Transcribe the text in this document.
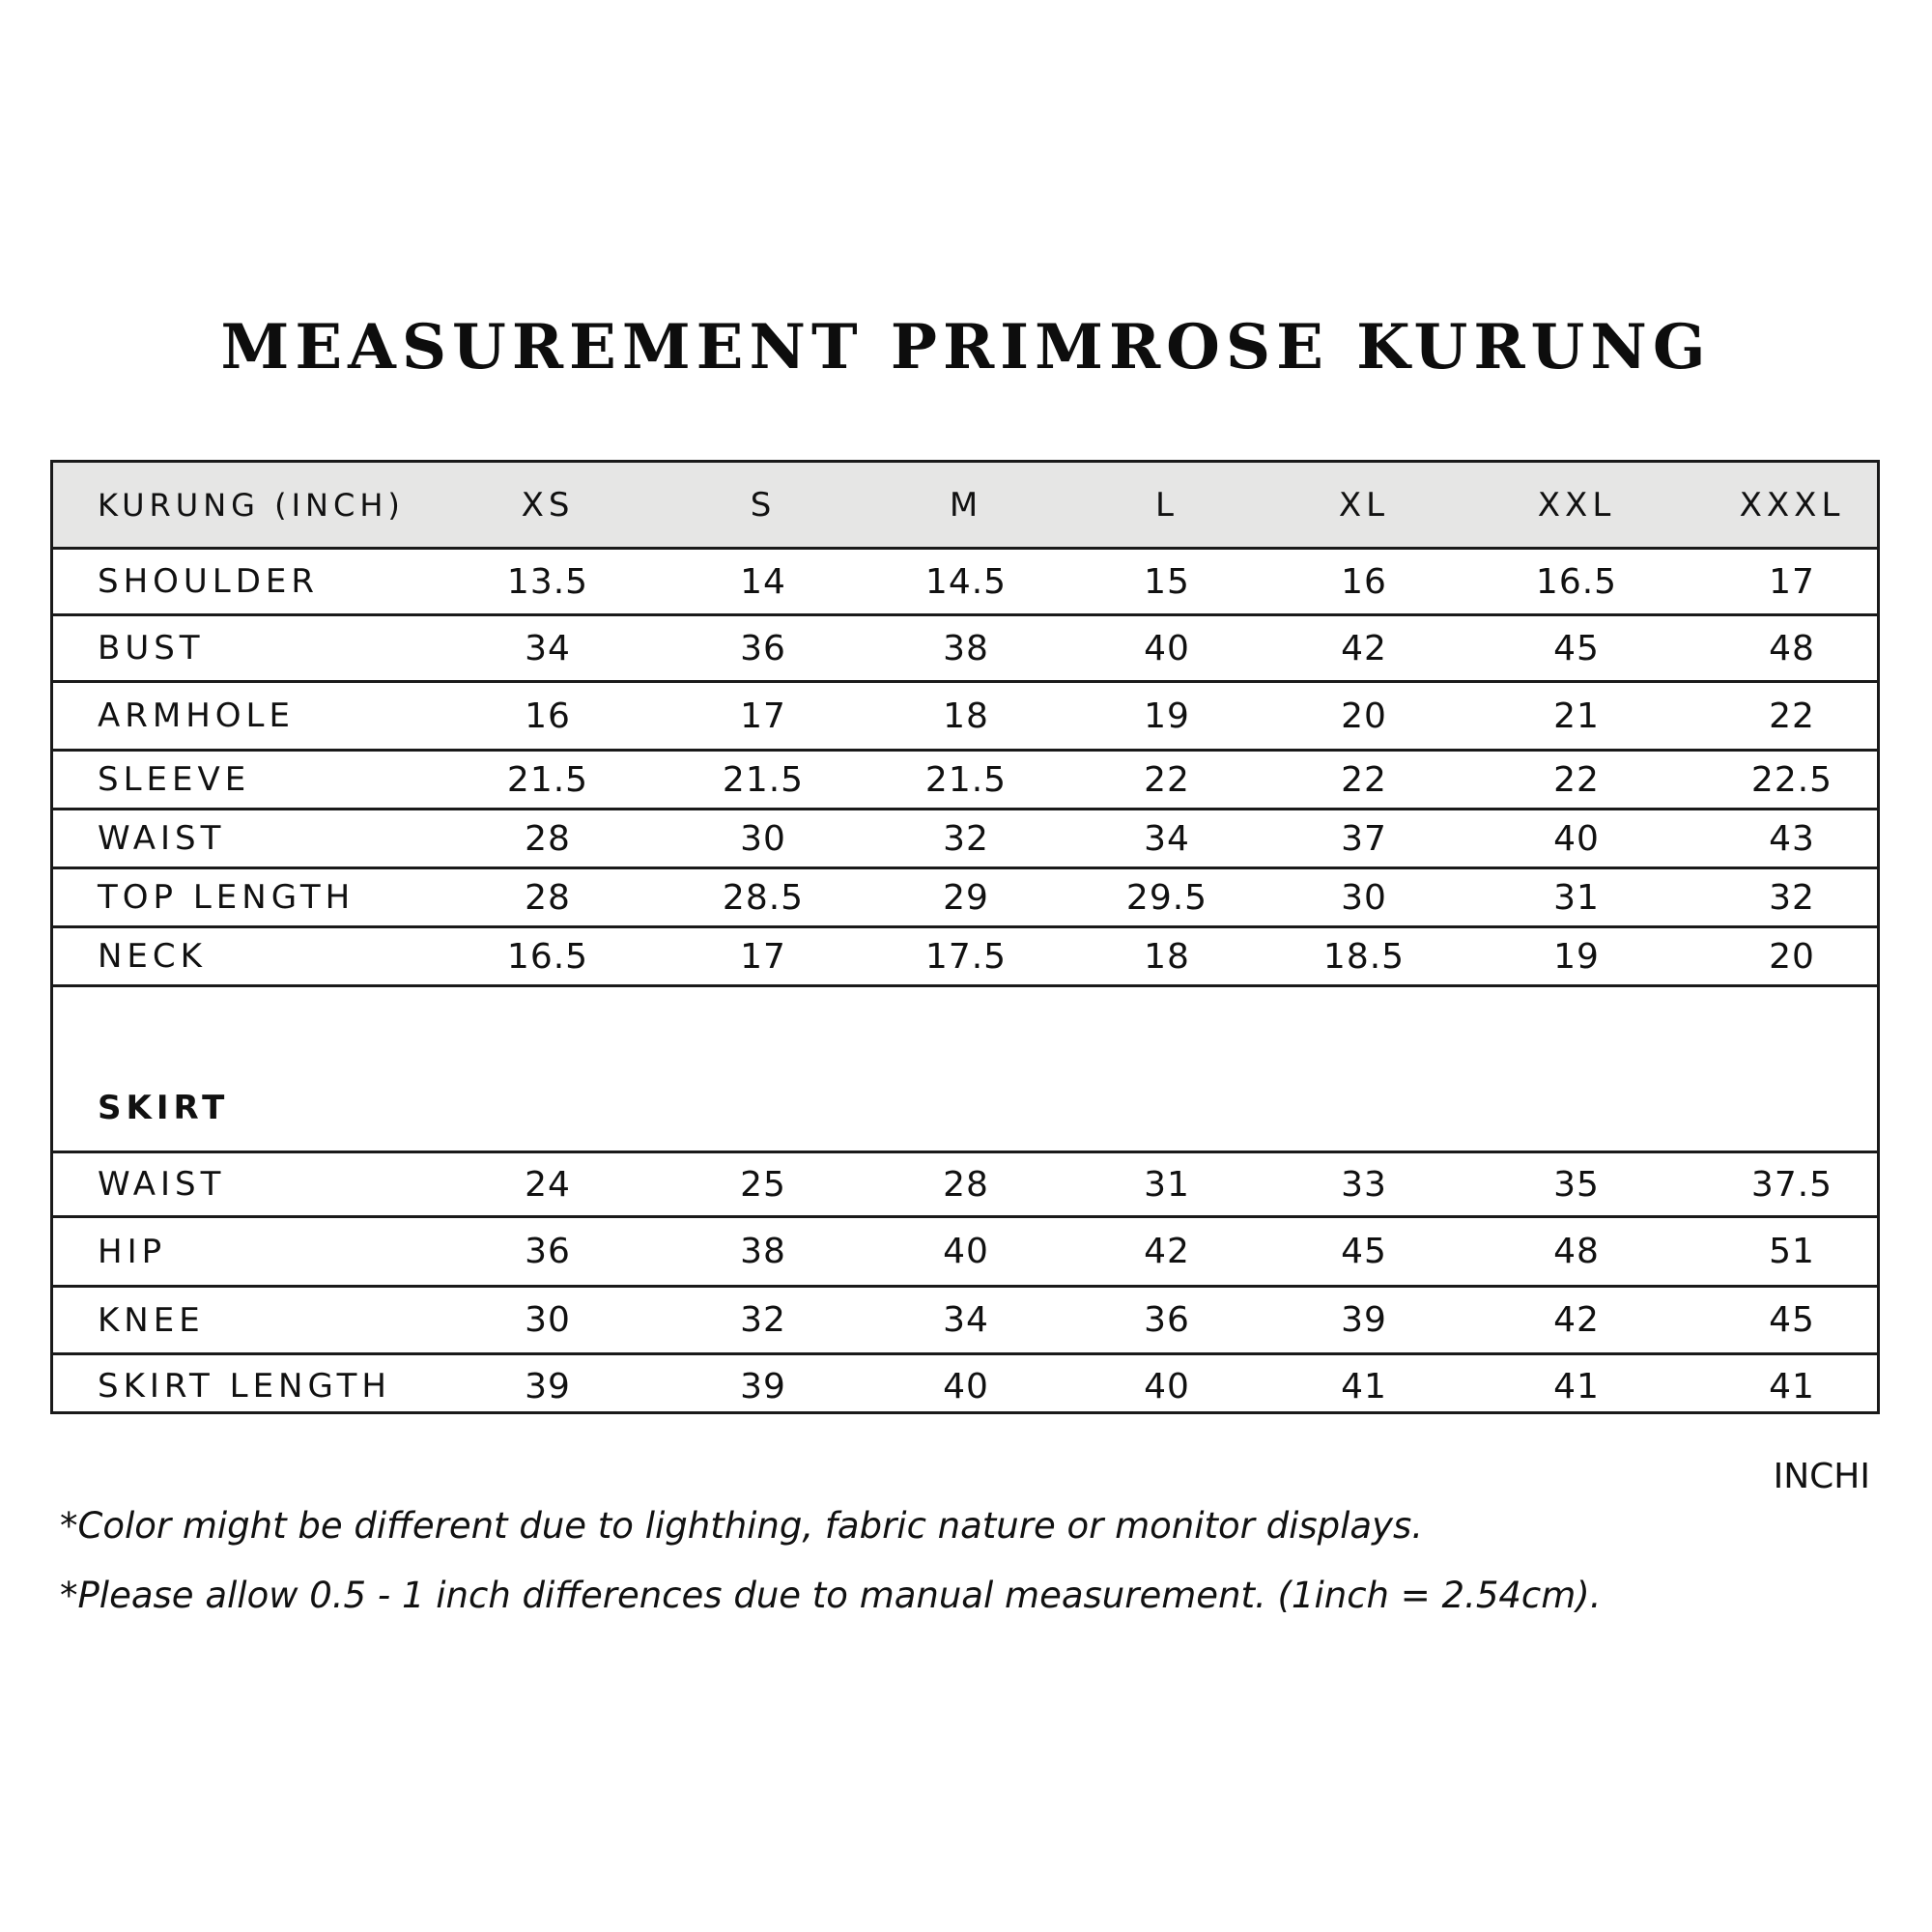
MEASUREMENT PRIMROSE KURUNG
KURUNG (INCH)	XS	S	M	L	XL	XXL	XXXL
SHOULDER	13.5	14	14.5	15	16	16.5	17
BUST	34	36	38	40	42	45	48
ARMHOLE	16	17	18	19	20	21	22
SLEEVE	21.5	21.5	21.5	22	22	22	22.5
WAIST	28	30	32	34	37	40	43
TOP LENGTH	28	28.5	29	29.5	30	31	32
NECK	16.5	17	17.5	18	18.5	19	20
SKIRT
WAIST	24	25	28	31	33	35	37.5
HIP	36	38	40	42	45	48	51
KNEE	30	32	34	36	39	42	45
SKIRT LENGTH	39	39	40	40	41	41	41
INCHI
*Color might be different due to lighthing, fabric nature or monitor displays.
*Please allow 0.5 - 1 inch differences due to manual measurement. (1inch = 2.54cm).
